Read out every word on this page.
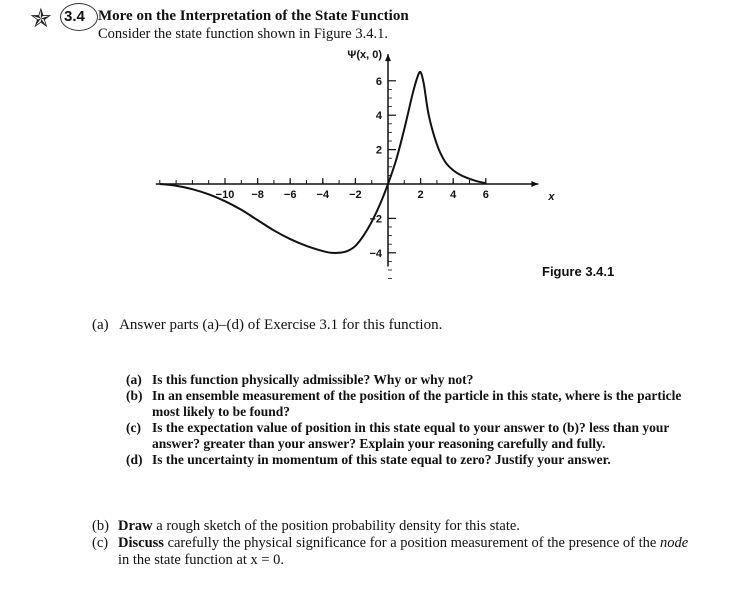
✯ 3.4 More on the Interpretation of the State Function
Consider the state function shown in Figure 3.4.1.
−10 −8 −6 −4 −2	2 4 6
−4
−2
2
4
6
Ψ(x, 0)
x
Figure 3.4.1
(a) Answer parts (a)–(d) of Exercise 3.1 for this function.
(a) Is this function physically admissible? Why or why not?
(b) In an ensemble measurement of the position of the particle in this state, where is the particle most likely to be found?
(c) Is the expectation value of position in this state equal to your answer to (b)? less than your answer? greater than your answer? Explain your reasoning carefully and fully.
(d) Is the uncertainty in momentum of this state equal to zero? Justify your answer.
(b) Draw a rough sketch of the position probability density for this state.
(c) Discuss carefully the physical significance for a position measurement of the presence of the node in the state function at x = 0.
